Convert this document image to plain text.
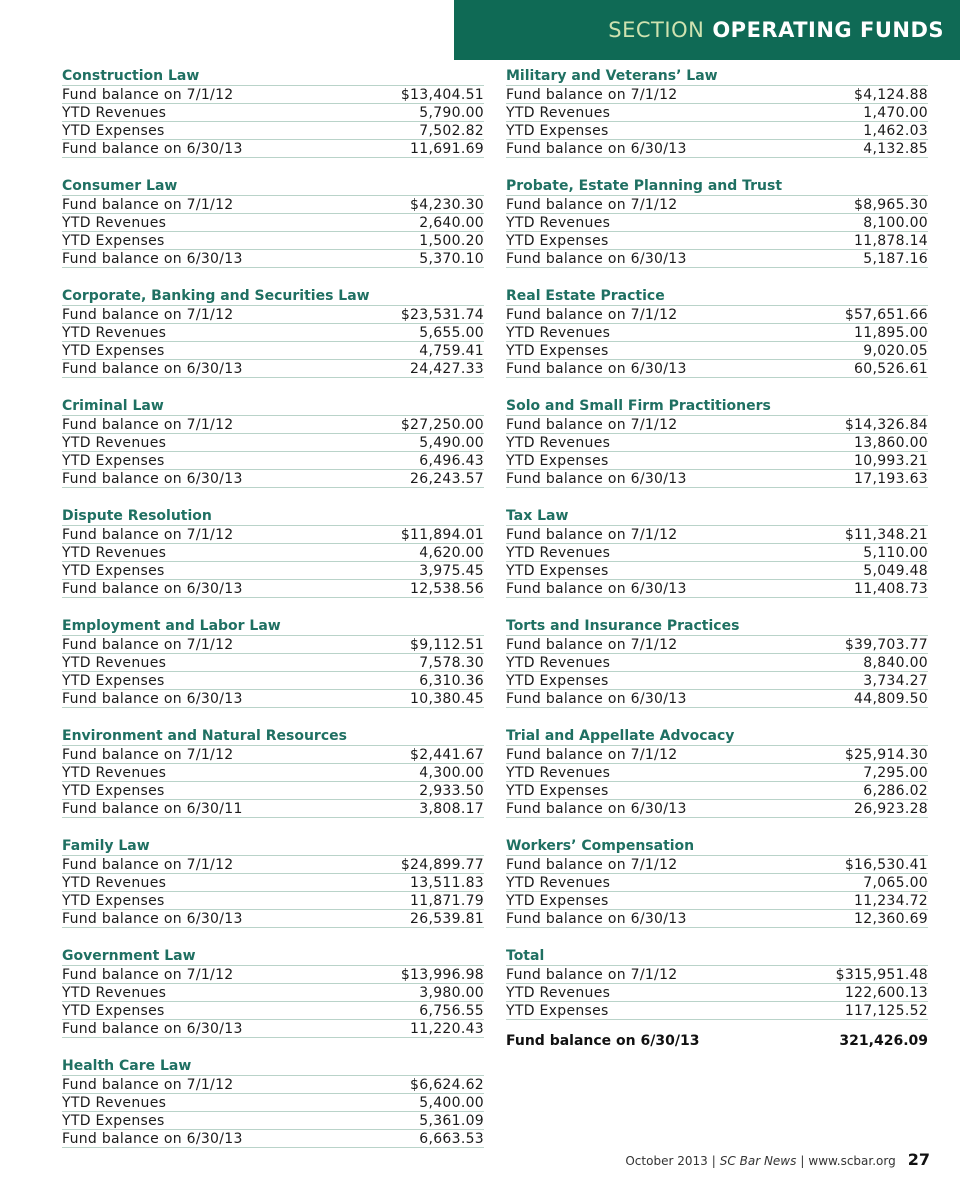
SECTION OPERATING FUNDS
Construction Law
Fund balance on 7/1/12	$13,404.51
YTD Revenues	5,790.00
YTD Expenses	7,502.82
Fund balance on 6/30/13	11,691.69
Consumer Law
Fund balance on 7/1/12	$4,230.30
YTD Revenues	2,640.00
YTD Expenses	1,500.20
Fund balance on 6/30/13	5,370.10
Corporate, Banking and Securities Law
Fund balance on 7/1/12	$23,531.74
YTD Revenues	5,655.00
YTD Expenses	4,759.41
Fund balance on 6/30/13	24,427.33
Criminal Law
Fund balance on 7/1/12	$27,250.00
YTD Revenues	5,490.00
YTD Expenses	6,496.43
Fund balance on 6/30/13	26,243.57
Dispute Resolution
Fund balance on 7/1/12	$11,894.01
YTD Revenues	4,620.00
YTD Expenses	3,975.45
Fund balance on 6/30/13	12,538.56
Employment and Labor Law
Fund balance on 7/1/12	$9,112.51
YTD Revenues	7,578.30
YTD Expenses	6,310.36
Fund balance on 6/30/13	10,380.45
Environment and Natural Resources
Fund balance on 7/1/12	$2,441.67
YTD Revenues	4,300.00
YTD Expenses	2,933.50
Fund balance on 6/30/11	3,808.17
Family Law
Fund balance on 7/1/12	$24,899.77
YTD Revenues	13,511.83
YTD Expenses	11,871.79
Fund balance on 6/30/13	26,539.81
Government Law
Fund balance on 7/1/12	$13,996.98
YTD Revenues	3,980.00
YTD Expenses	6,756.55
Fund balance on 6/30/13	11,220.43
Health Care Law
Fund balance on 7/1/12	$6,624.62
YTD Revenues	5,400.00
YTD Expenses	5,361.09
Fund balance on 6/30/13	6,663.53
Military and Veterans’ Law
Fund balance on 7/1/12	$4,124.88
YTD Revenues	1,470.00
YTD Expenses	1,462.03
Fund balance on 6/30/13	4,132.85
Probate, Estate Planning and Trust
Fund balance on 7/1/12	$8,965.30
YTD Revenues	8,100.00
YTD Expenses	11,878.14
Fund balance on 6/30/13	5,187.16
Real Estate Practice
Fund balance on 7/1/12	$57,651.66
YTD Revenues	11,895.00
YTD Expenses	9,020.05
Fund balance on 6/30/13	60,526.61
Solo and Small Firm Practitioners
Fund balance on 7/1/12	$14,326.84
YTD Revenues	13,860.00
YTD Expenses	10,993.21
Fund balance on 6/30/13	17,193.63
Tax Law
Fund balance on 7/1/12	$11,348.21
YTD Revenues	5,110.00
YTD Expenses	5,049.48
Fund balance on 6/30/13	11,408.73
Torts and Insurance Practices
Fund balance on 7/1/12	$39,703.77
YTD Revenues	8,840.00
YTD Expenses	3,734.27
Fund balance on 6/30/13	44,809.50
Trial and Appellate Advocacy
Fund balance on 7/1/12	$25,914.30
YTD Revenues	7,295.00
YTD Expenses	6,286.02
Fund balance on 6/30/13	26,923.28
Workers’ Compensation
Fund balance on 7/1/12	$16,530.41
YTD Revenues	7,065.00
YTD Expenses	11,234.72
Fund balance on 6/30/13	12,360.69
Total
Fund balance on 7/1/12	$315,951.48
YTD Revenues	122,600.13
YTD Expenses	117,125.52
Fund balance on 6/30/13	321,426.09
October 2013 | SC Bar News | www.scbar.org 27
